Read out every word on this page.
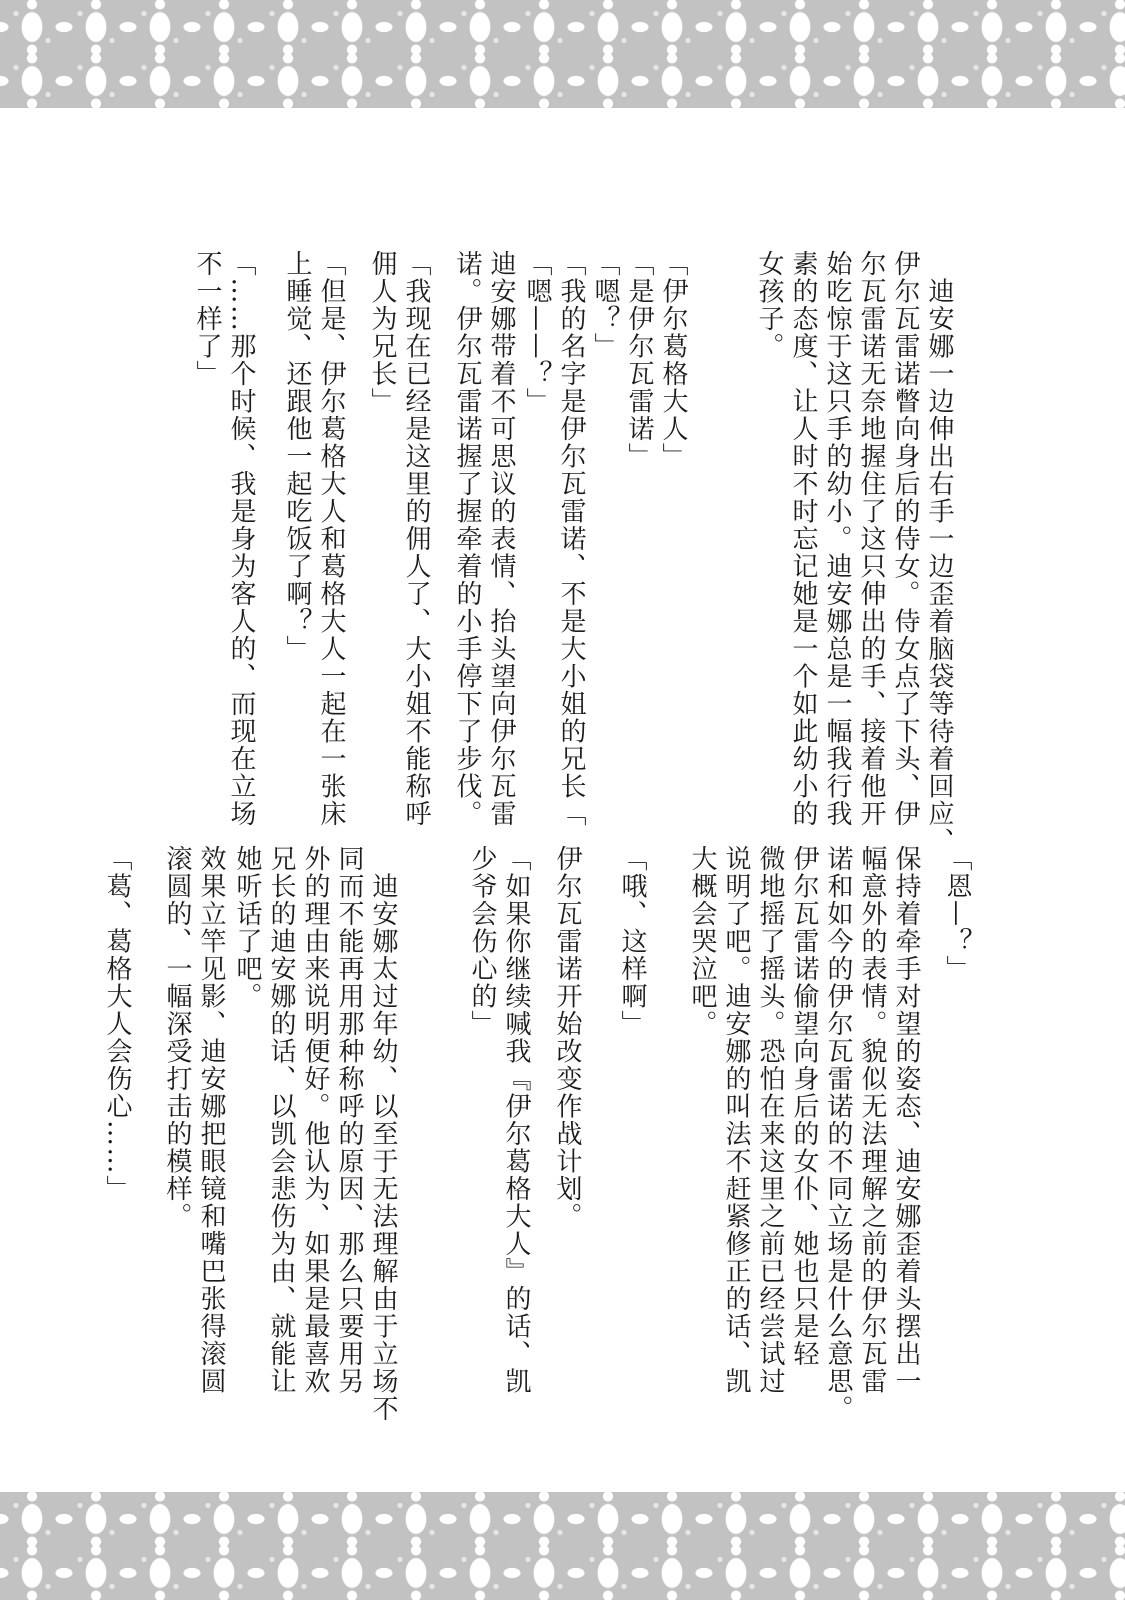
　迪安娜一边伸出右手一边歪着脑袋等待着回应、
伊尔瓦雷诺瞥向身后的侍女。侍女点了下头、伊
尔瓦雷诺无奈地握住了这只伸出的手、接着他开
始吃惊于这只手的幼小。迪安娜总是一幅我行我
素的态度、让人时不时忘记她是一个如此幼小的
女孩子。
「伊尔葛格大人」
「是伊尔瓦雷诺」
「嗯？」
「我的名字是伊尔瓦雷诺、不是大小姐的兄长「
「嗯——？」
迪安娜带着不可思议的表情、抬头望向伊尔瓦雷
诺。伊尔瓦雷诺握了握牵着的小手停下了步伐。
「我现在已经是这里的佣人了、大小姐不能称呼
佣人为兄长」
「但是、伊尔葛格大人和葛格大人一起在一张床
上睡觉、还跟他一起吃饭了啊？」
「……那个时候、我是身为客人的、而现在立场
不一样了」
「恩—？」
保持着牵手对望的姿态、迪安娜歪着头摆出一
幅意外的表情。貌似无法理解之前的伊尔瓦雷
诺和如今的伊尔瓦雷诺的不同立场是什么意思。
伊尔瓦雷诺偷望向身后的女仆、她也只是轻
微地摇了摇头。恐怕在来这里之前已经尝试过
说明了吧。迪安娜的叫法不赶紧修正的话、凯
大概会哭泣吧。
「哦、这样啊」
伊尔瓦雷诺开始改变作战计划。
「如果你继续喊我『伊尔葛格大人』的话、凯
少爷会伤心的」
　迪安娜太过年幼、以至于无法理解由于立场不
同而不能再用那种称呼的原因、那么只要用另
外的理由来说明便好。他认为、如果是最喜欢
兄长的迪安娜的话、以凯会悲伤为由、就能让
她听话了吧。
效果立竿见影、迪安娜把眼镜和嘴巴张得滚圆
滚圆的、一幅深受打击的模样。
「葛、葛格大人会伤心……」
